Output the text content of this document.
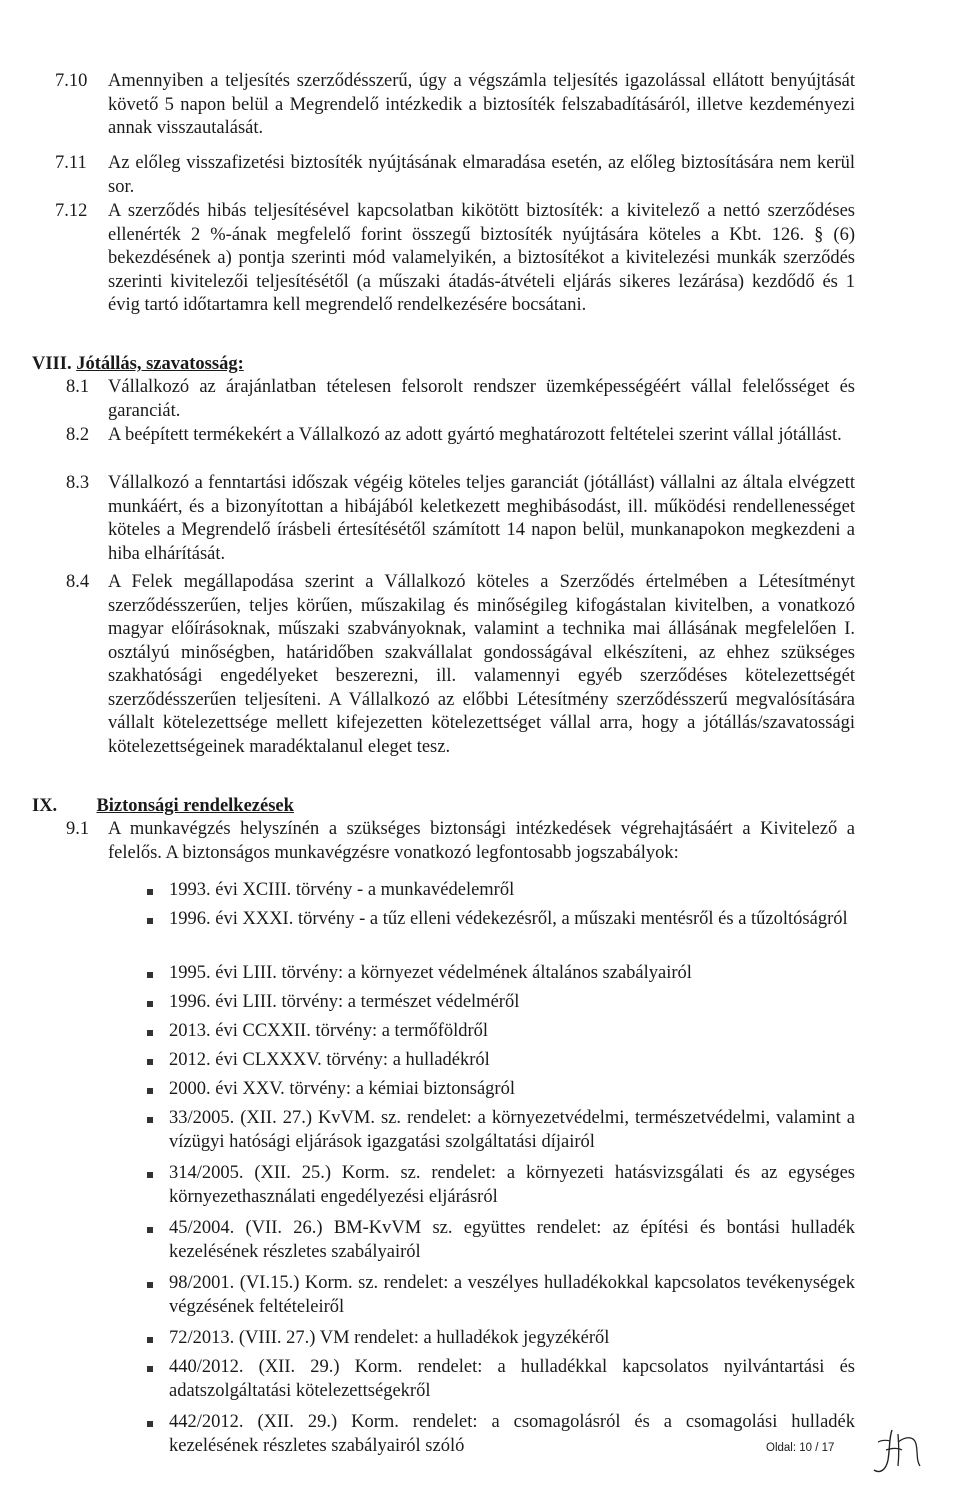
7.10 Amennyiben a teljesítés szerződésszerű, úgy a végszámla teljesítés igazolással ellátott benyújtását követő 5 napon belül a Megrendelő intézkedik a biztosíték felszabadításáról, illetve kezdeményezi annak visszautalását.
7.11 Az előleg visszafizetési biztosíték nyújtásának elmaradása esetén, az előleg biztosítására nem kerül sor.
7.12 A szerződés hibás teljesítésével kapcsolatban kikötött biztosíték: a kivitelező a nettó szerződéses ellenérték 2 %-ának megfelelő forint összegű biztosíték nyújtására köteles a Kbt. 126. § (6) bekezdésének a) pontja szerinti mód valamelyikén, a biztosítékot a kivitelezési munkák szerződés szerinti kivitelezői teljesítésétől (a műszaki átadás-átvételi eljárás sikeres lezárása) kezdődő és 1 évig tartó időtartamra kell megrendelő rendelkezésére bocsátani.
VIII. Jótállás, szavatosság:
8.1 Vállalkozó az árajánlatban tételesen felsorolt rendszer üzemképességéért vállal felelősséget és garanciát.
8.2 A beépített termékekért a Vállalkozó az adott gyártó meghatározott feltételei szerint vállal jótállást.
8.3 Vállalkozó a fenntartási időszak végéig köteles teljes garanciát (jótállást) vállalni az általa elvégzett munkáért, és a bizonyítottan a hibájából keletkezett meghibásodást, ill. működési rendellenességet köteles a Megrendelő írásbeli értesítésétől számított 14 napon belül, munkanapokon megkezdeni a hiba elhárítását.
8.4 A Felek megállapodása szerint a Vállalkozó köteles a Szerződés értelmében a Létesítményt szerződésszerűen, teljes körűen, műszakilag és minőségileg kifogástalan kivitelben, a vonatkozó magyar előírásoknak, műszaki szabványoknak, valamint a technika mai állásának megfelelően I. osztályú minőségben, határidőben szakvállalat gondosságával elkészíteni, az ehhez szükséges szakhatósági engedélyeket beszerezni, ill. valamennyi egyéb szerződéses kötelezettségét szerződésszerűen teljesíteni. A Vállalkozó az előbbi Létesítmény szerződésszerű megvalósítására vállalt kötelezettsége mellett kifejezetten kötelezettséget vállal arra, hogy a jótállás/szavatossági kötelezettségeinek maradéktalanul eleget tesz.
IX. Biztonsági rendelkezések
9.1 A munkavégzés helyszínén a szükséges biztonsági intézkedések végrehajtásáért a Kivitelező a felelős. A biztonságos munkavégzésre vonatkozó legfontosabb jogszabályok:
1993. évi XCIII. törvény - a munkavédelemről
1996. évi XXXI. törvény - a tűz elleni védekezésről, a műszaki mentésről és a tűzoltóságról
1995. évi LIII. törvény: a környezet védelmének általános szabályairól
1996. évi LIII. törvény: a természet védelméről
2013. évi CCXXII. törvény: a termőföldről
2012. évi CLXXXV. törvény: a hulladékról
2000. évi XXV. törvény: a kémiai biztonságról
33/2005. (XII. 27.) KvVM. sz. rendelet: a környezetvédelmi, természetvédelmi, valamint a vízügyi hatósági eljárások igazgatási szolgáltatási díjairól
314/2005. (XII. 25.) Korm. sz. rendelet: a környezeti hatásvizsgálati és az egységes környezethasználati engedélyezési eljárásról
45/2004. (VII. 26.) BM-KvVM sz. együttes rendelet: az építési és bontási hulladék kezelésének részletes szabályairól
98/2001. (VI.15.) Korm. sz. rendelet: a veszélyes hulladékokkal kapcsolatos tevékenységek végzésének feltételeiről
72/2013. (VIII. 27.) VM rendelet: a hulladékok jegyzékéről
440/2012. (XII. 29.) Korm. rendelet: a hulladékkal kapcsolatos nyilvántartási és adatszolgáltatási kötelezettségekről
442/2012. (XII. 29.) Korm. rendelet: a csomagolásról és a csomagolási hulladék kezelésének részletes szabályairól szóló	Oldal: 10 / 17
